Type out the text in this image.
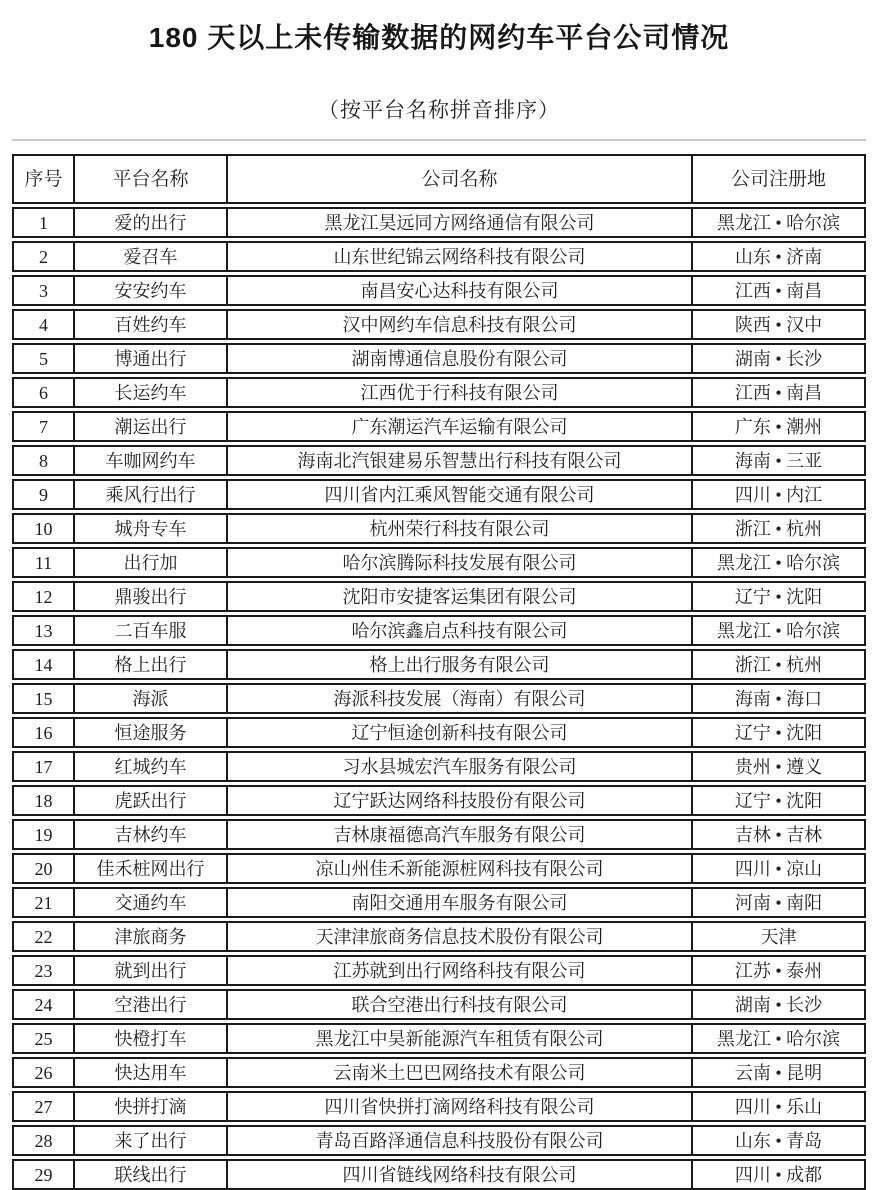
180 天以上未传输数据的网约车平台公司情况
（按平台名称拼音排序）
序号	平台名称	公司名称	公司注册地
1	爱的出行	黑龙江昊远同方网络通信有限公司	黑龙江 • 哈尔滨
2	爱召车	山东世纪锦云网络科技有限公司	山东 • 济南
3	安安约车	南昌安心达科技有限公司	江西 • 南昌
4	百姓约车	汉中网约车信息科技有限公司	陕西 • 汉中
5	博通出行	湖南博通信息股份有限公司	湖南 • 长沙
6	长运约车	江西优于行科技有限公司	江西 • 南昌
7	潮运出行	广东潮运汽车运输有限公司	广东 • 潮州
8	车咖网约车	海南北汽银建易乐智慧出行科技有限公司	海南 • 三亚
9	乘风行出行	四川省内江乘风智能交通有限公司	四川 • 内江
10	城舟专车	杭州荣行科技有限公司	浙江 • 杭州
11	出行加	哈尔滨腾际科技发展有限公司	黑龙江 • 哈尔滨
12	鼎骏出行	沈阳市安捷客运集团有限公司	辽宁 • 沈阳
13	二百车服	哈尔滨鑫启点科技有限公司	黑龙江 • 哈尔滨
14	格上出行	格上出行服务有限公司	浙江 • 杭州
15	海派	海派科技发展（海南）有限公司	海南 • 海口
16	恒途服务	辽宁恒途创新科技有限公司	辽宁 • 沈阳
17	红城约车	习水县城宏汽车服务有限公司	贵州 • 遵义
18	虎跃出行	辽宁跃达网络科技股份有限公司	辽宁 • 沈阳
19	吉林约车	吉林康福德高汽车服务有限公司	吉林 • 吉林
20	佳禾桩网出行	凉山州佳禾新能源桩网科技有限公司	四川 • 凉山
21	交通约车	南阳交通用车服务有限公司	河南 • 南阳
22	津旅商务	天津津旅商务信息技术股份有限公司	天津
23	就到出行	江苏就到出行网络科技有限公司	江苏 • 泰州
24	空港出行	联合空港出行科技有限公司	湖南 • 长沙
25	快橙打车	黑龙江中昊新能源汽车租赁有限公司	黑龙江 • 哈尔滨
26	快达用车	云南米土巴巴网络技术有限公司	云南 • 昆明
27	快拼打滴	四川省快拼打滴网络科技有限公司	四川 • 乐山
28	来了出行	青岛百路泽通信息科技股份有限公司	山东 • 青岛
29	联线出行	四川省链线网络科技有限公司	四川 • 成都
